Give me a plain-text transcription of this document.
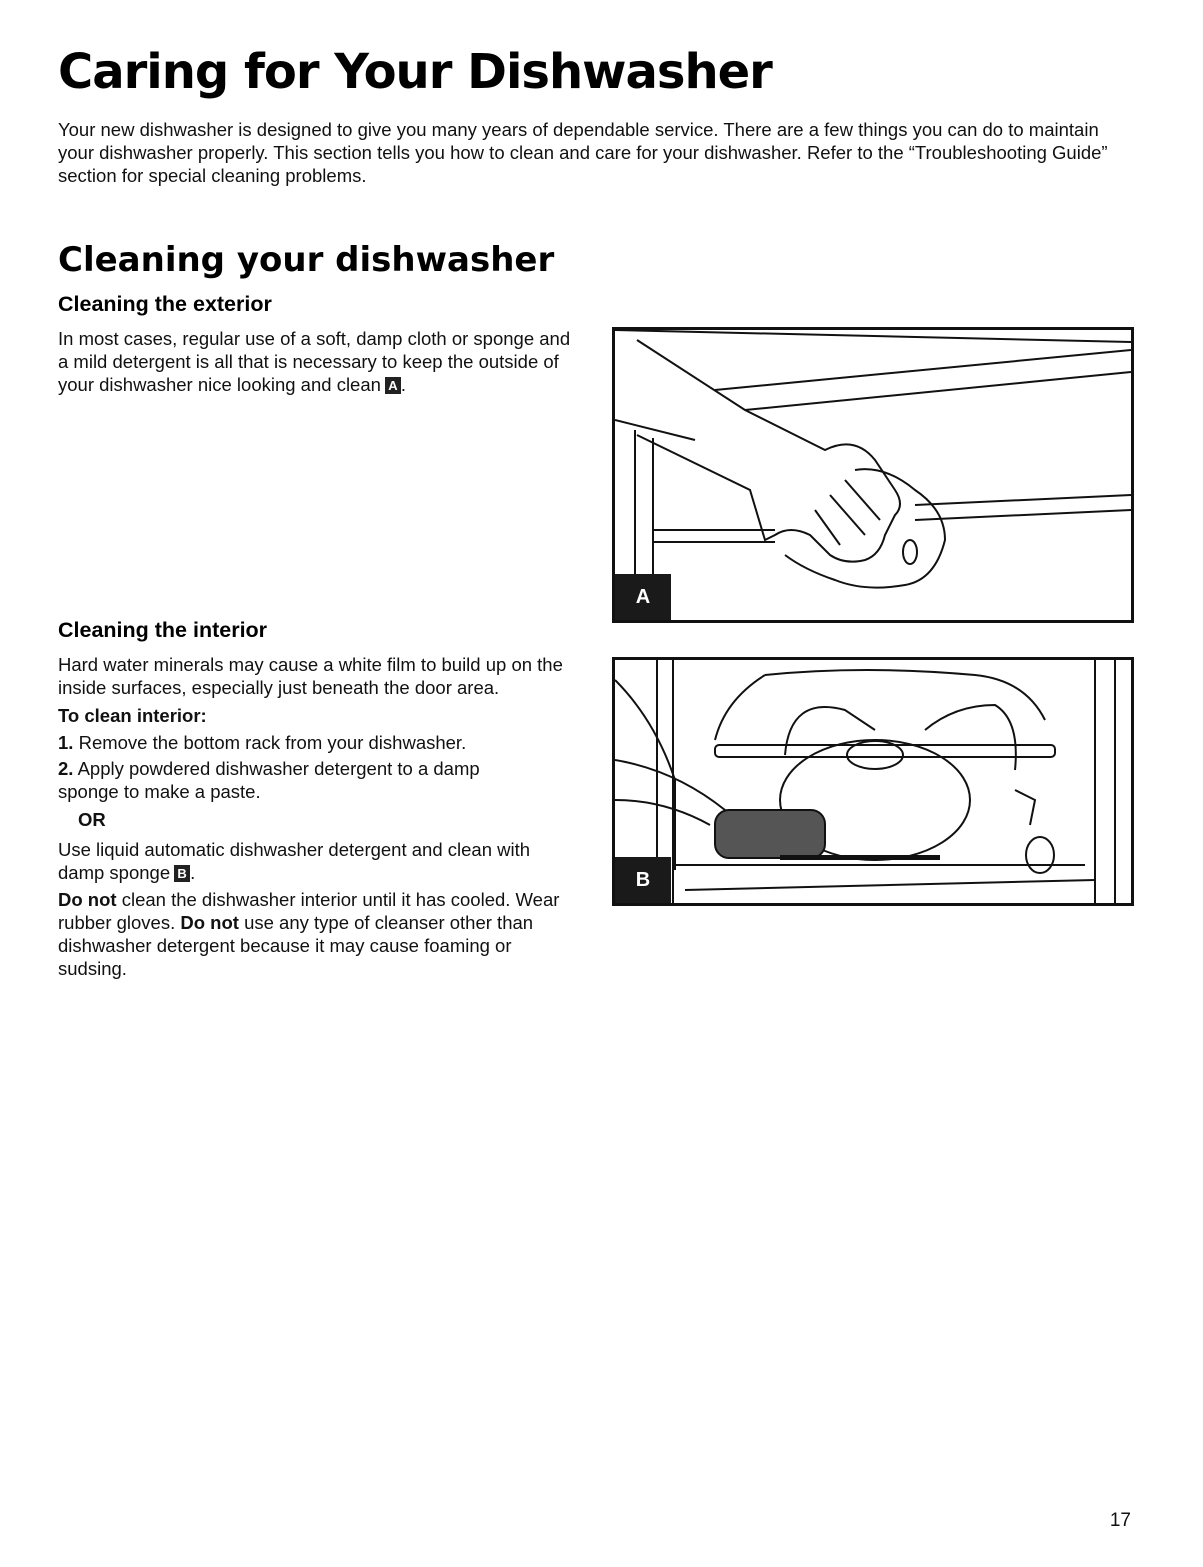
Caring for Your Dishwasher

Your new dishwasher is designed to give you many years of dependable service. There are a few things you can do to maintain your dishwasher properly. This section tells you how to clean and care for your dishwasher. Refer to the “Troubleshooting Guide” section for special cleaning problems.

Cleaning your dishwasher
Cleaning the exterior

In most cases, regular use of a soft, damp cloth or sponge and a mild detergent is all that is necessary to keep the outside of your dishwasher nice looking and clean A .

Cleaning the interior

Hard water minerals may cause a white film to build up on the inside surfaces, especially just beneath the door area.

To clean interior:

1. Remove the bottom rack from your dishwasher.
2. Apply powdered dishwasher detergent to a damp sponge to make a paste.

OR

Use liquid automatic dishwasher detergent and clean with damp sponge B .

Do not clean the dishwasher interior until it has cooled. Wear rubber gloves. Do not use any type of cleanser other than dishwasher detergent because it may cause foaming or sudsing.

A
B
17
